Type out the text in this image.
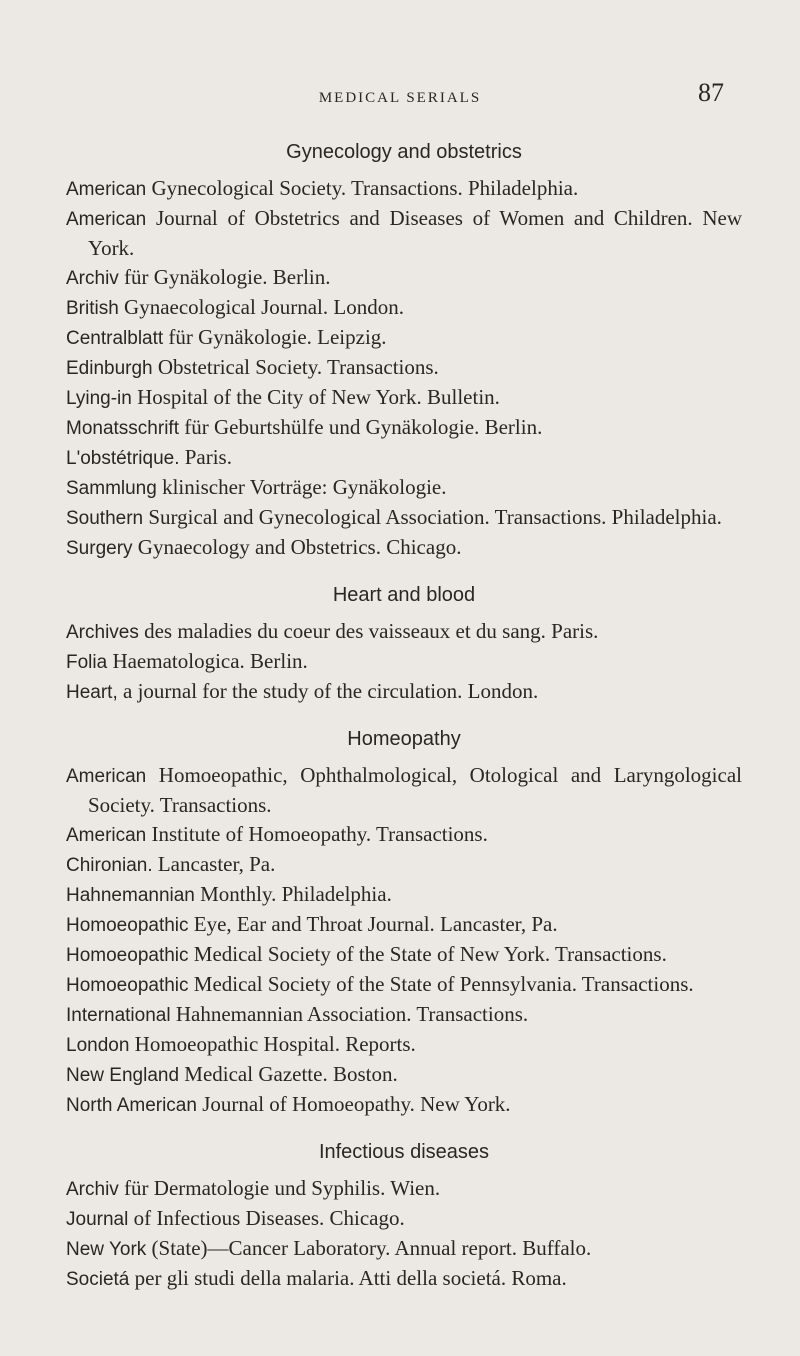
MEDICAL SERIALS	87
Gynecology and obstetrics
American Gynecological Society. Transactions. Philadelphia.
American Journal of Obstetrics and Diseases of Women and Children. New York.
Archiv für Gynäkologie. Berlin.
British Gynaecological Journal. London.
Centralblatt für Gynäkologie. Leipzig.
Edinburgh Obstetrical Society. Transactions.
Lying-in Hospital of the City of New York. Bulletin.
Monatsschrift für Geburtshülfe und Gynäkologie. Berlin.
L'obstétrique. Paris.
Sammlung klinischer Vorträge: Gynäkologie.
Southern Surgical and Gynecological Association. Transactions. Philadelphia.
Surgery Gynaecology and Obstetrics. Chicago.
Heart and blood
Archives des maladies du coeur des vaisseaux et du sang. Paris.
Folia Haematologica. Berlin.
Heart, a journal for the study of the circulation. London.
Homeopathy
American Homoeopathic, Ophthalmological, Otological and Laryngological Society. Transactions.
American Institute of Homoeopathy. Transactions.
Chironian. Lancaster, Pa.
Hahnemannian Monthly. Philadelphia.
Homoeopathic Eye, Ear and Throat Journal. Lancaster, Pa.
Homoeopathic Medical Society of the State of New York. Transactions.
Homoeopathic Medical Society of the State of Pennsylvania. Transactions.
International Hahnemannian Association. Transactions.
London Homoeopathic Hospital. Reports.
New England Medical Gazette. Boston.
North American Journal of Homoeopathy. New York.
Infectious diseases
Archiv für Dermatologie und Syphilis. Wien.
Journal of Infectious Diseases. Chicago.
New York (State)—Cancer Laboratory. Annual report. Buffalo.
Societá per gli studi della malaria. Atti della societá. Roma.
